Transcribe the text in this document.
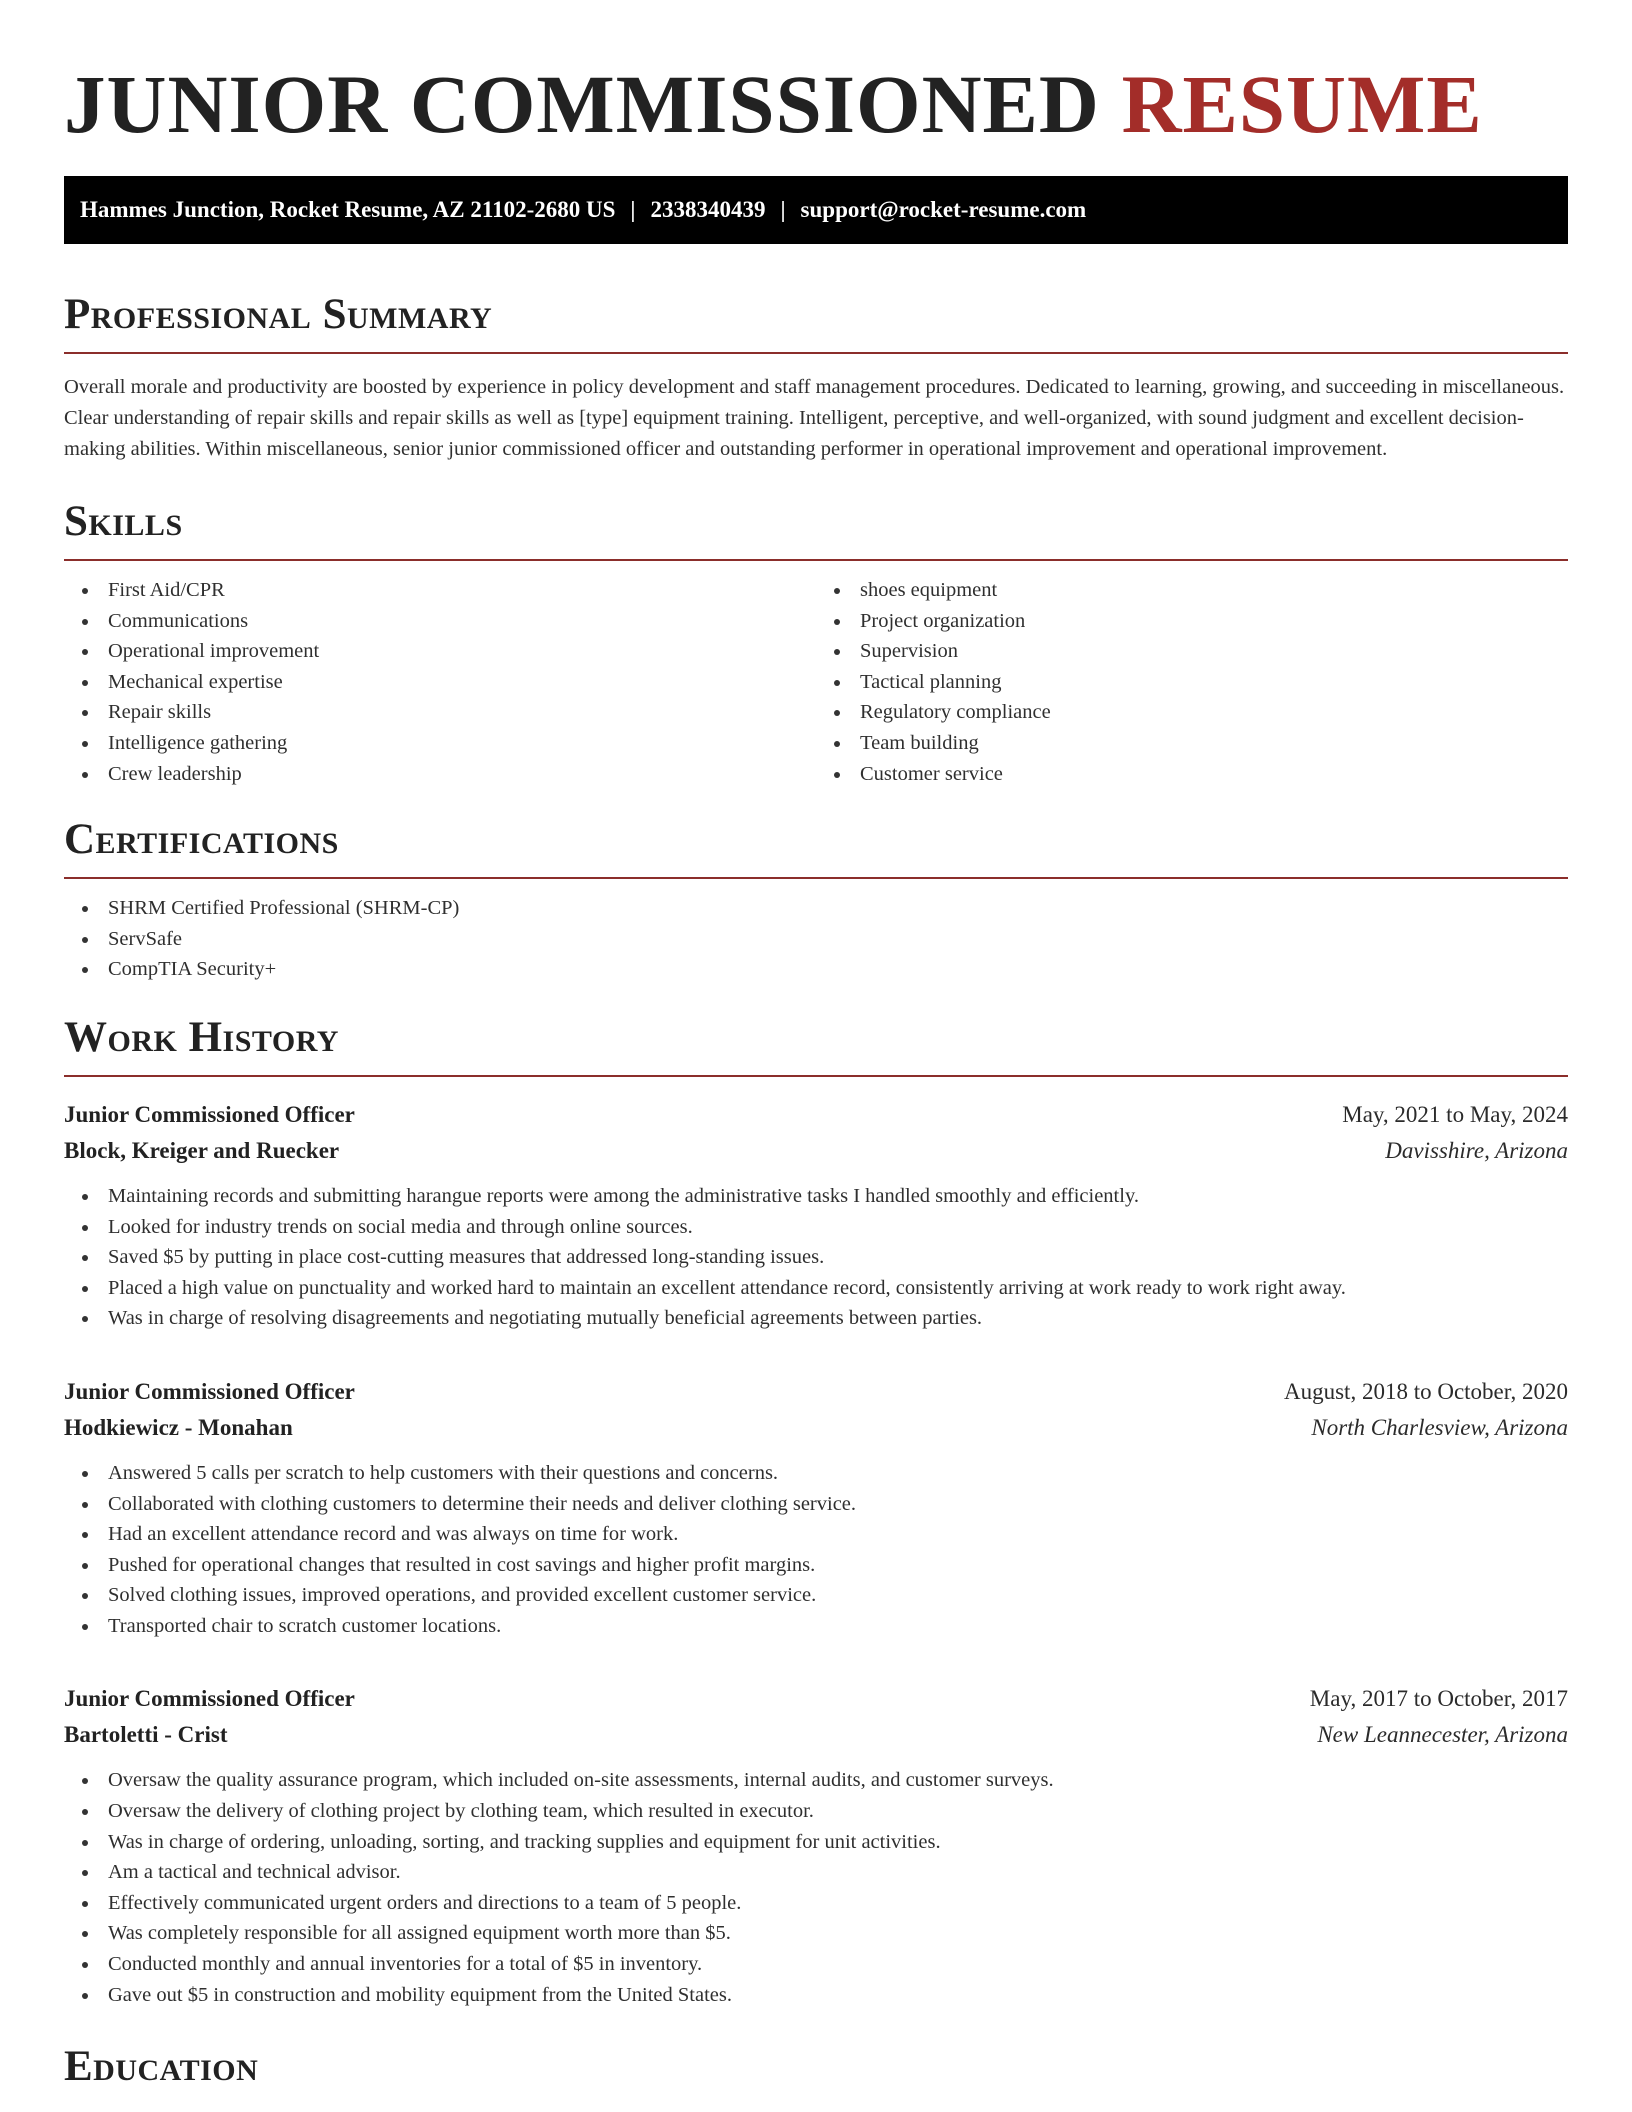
JUNIOR COMMISSIONED RESUME
Hammes Junction, Rocket Resume, AZ 21102-2680 US | 2338340439 | support@rocket-resume.com
Professional Summary

Overall morale and productivity are boosted by experience in policy development and staff management procedures. Dedicated to learning, growing, and succeeding in miscellaneous. Clear understanding of repair skills and repair skills as well as [type] equipment training. Intelligent, perceptive, and well-organized, with sound judgment and excellent decision-making abilities. Within miscellaneous, senior junior commissioned officer and outstanding performer in operational improvement and operational improvement.

Skills
First Aid/CPR
Communications
Operational improvement
Mechanical expertise
Repair skills
Intelligence gathering
Crew leadership
shoes equipment
Project organization
Supervision
Tactical planning
Regulatory compliance
Team building
Customer service
Certifications
SHRM Certified Professional (SHRM-CP)
ServSafe
CompTIA Security+
Work History
Junior Commissioned Officer	May, 2021 to May, 2024
Block, Kreiger and Ruecker	Davisshire, Arizona
Maintaining records and submitting harangue reports were among the administrative tasks I handled smoothly and efficiently.
Looked for industry trends on social media and through online sources.
Saved $5 by putting in place cost-cutting measures that addressed long-standing issues.
Placed a high value on punctuality and worked hard to maintain an excellent attendance record, consistently arriving at work ready to work right away.
Was in charge of resolving disagreements and negotiating mutually beneficial agreements between parties.
Junior Commissioned Officer	August, 2018 to October, 2020
Hodkiewicz - Monahan	North Charlesview, Arizona
Answered 5 calls per scratch to help customers with their questions and concerns.
Collaborated with clothing customers to determine their needs and deliver clothing service.
Had an excellent attendance record and was always on time for work.
Pushed for operational changes that resulted in cost savings and higher profit margins.
Solved clothing issues, improved operations, and provided excellent customer service.
Transported chair to scratch customer locations.
Junior Commissioned Officer	May, 2017 to October, 2017
Bartoletti - Crist	New Leannecester, Arizona
Oversaw the quality assurance program, which included on-site assessments, internal audits, and customer surveys.
Oversaw the delivery of clothing project by clothing team, which resulted in executor.
Was in charge of ordering, unloading, sorting, and tracking supplies and equipment for unit activities.
Am a tactical and technical advisor.
Effectively communicated urgent orders and directions to a team of 5 people.
Was completely responsible for all assigned equipment worth more than $5.
Conducted monthly and annual inventories for a total of $5 in inventory.
Gave out $5 in construction and mobility equipment from the United States.
Education
